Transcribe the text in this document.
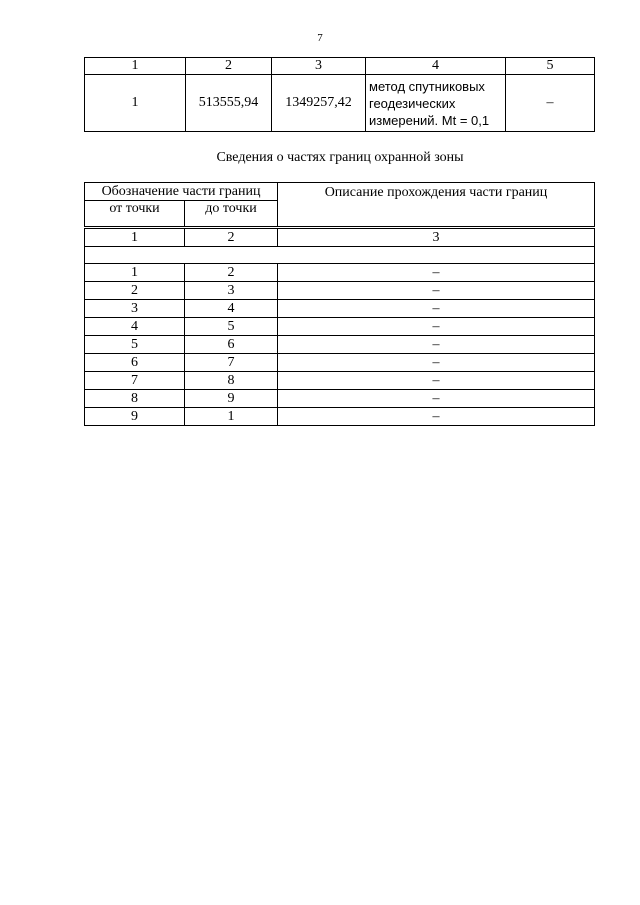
7
1	2	3	4	5
1	513555,94	1349257,42	метод спутниковых
геодезических
измерений. Mt = 0,1	–
Сведения о частях границ охранной зоны
Обозначение части границ		Описание прохождения части границ
от точки	до точки	
1	2	3

1	2	–
2	3	–
3	4	–
4	5	–
5	6	–
6	7	–
7	8	–
8	9	–
9	1	–
